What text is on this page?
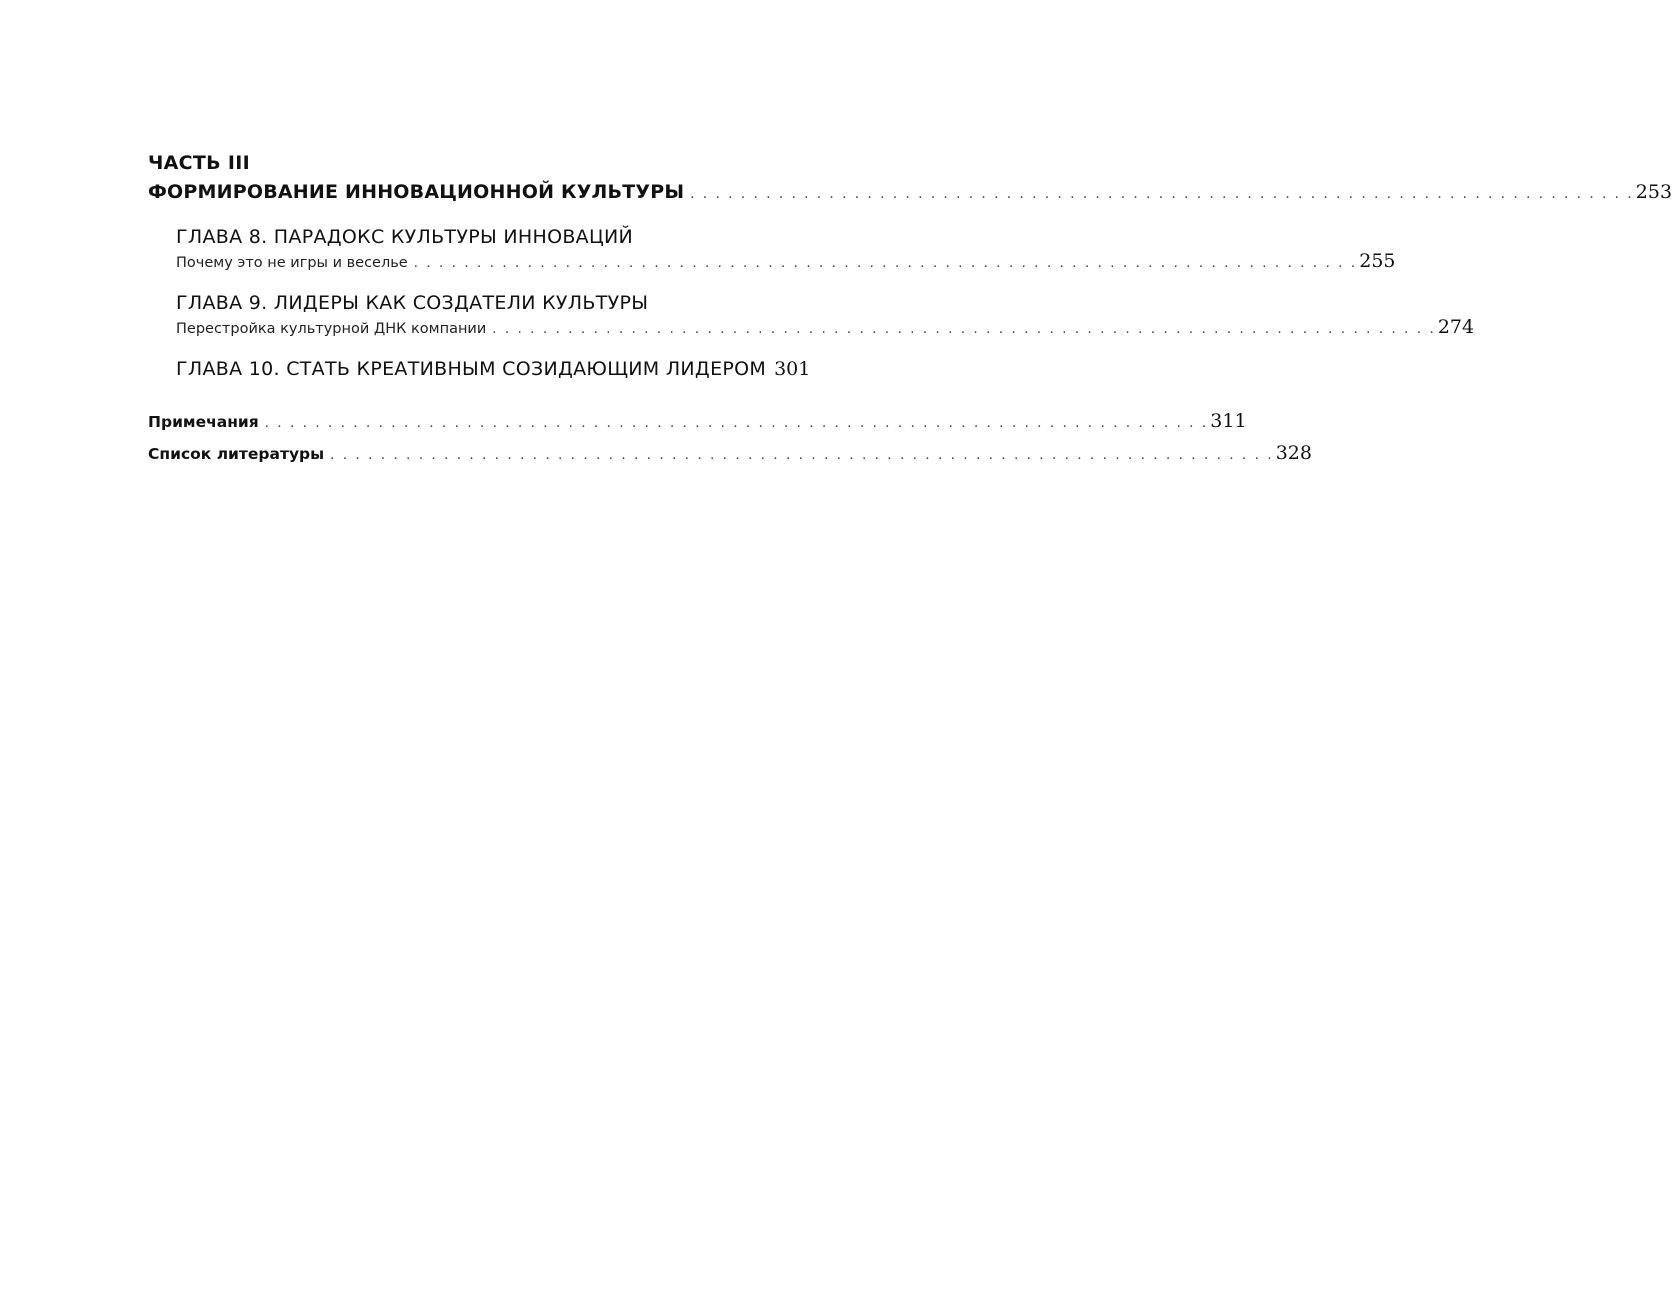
ЧАСТЬ III
ФОРМИРОВАНИЕ ИННОВАЦИОННОЙ КУЛЬТУРЫ . . . . . . . . . . . . . . . . . . . . . . . . . . . . . . . . . . . . . . . . . . . . . . . . . . . . . . . . . . . . . . . . . . . . . . . . . . . 253
ГЛАВА 8. ПАРАДОКС КУЛЬТУРЫ ИННОВАЦИЙ
Почему это не игры и веселье . . . . . . . . . . . . . . . . . . . . . . . . . . . . . . . . . . . . . . . . . . . . . . . . . . . . . . . . . . . . . . . . . . . . . . . . . . . 255
ГЛАВА 9. ЛИДЕРЫ КАК СОЗДАТЕЛИ КУЛЬТУРЫ
Перестройка культурной ДНК компании . . . . . . . . . . . . . . . . . . . . . . . . . . . . . . . . . . . . . . . . . . . . . . . . . . . . . . . . . . . . . . . . . . . . . . . . . . . 274
ГЛАВА 10. СТАТЬ КРЕАТИВНЫМ СОЗИДАЮЩИМ ЛИДЕРОМ 301
Примечания . . . . . . . . . . . . . . . . . . . . . . . . . . . . . . . . . . . . . . . . . . . . . . . . . . . . . . . . . . . . . . . . . . . . . . . . . . . 311
Список литературы . . . . . . . . . . . . . . . . . . . . . . . . . . . . . . . . . . . . . . . . . . . . . . . . . . . . . . . . . . . . . . . . . . . . . . . . . . . 328
